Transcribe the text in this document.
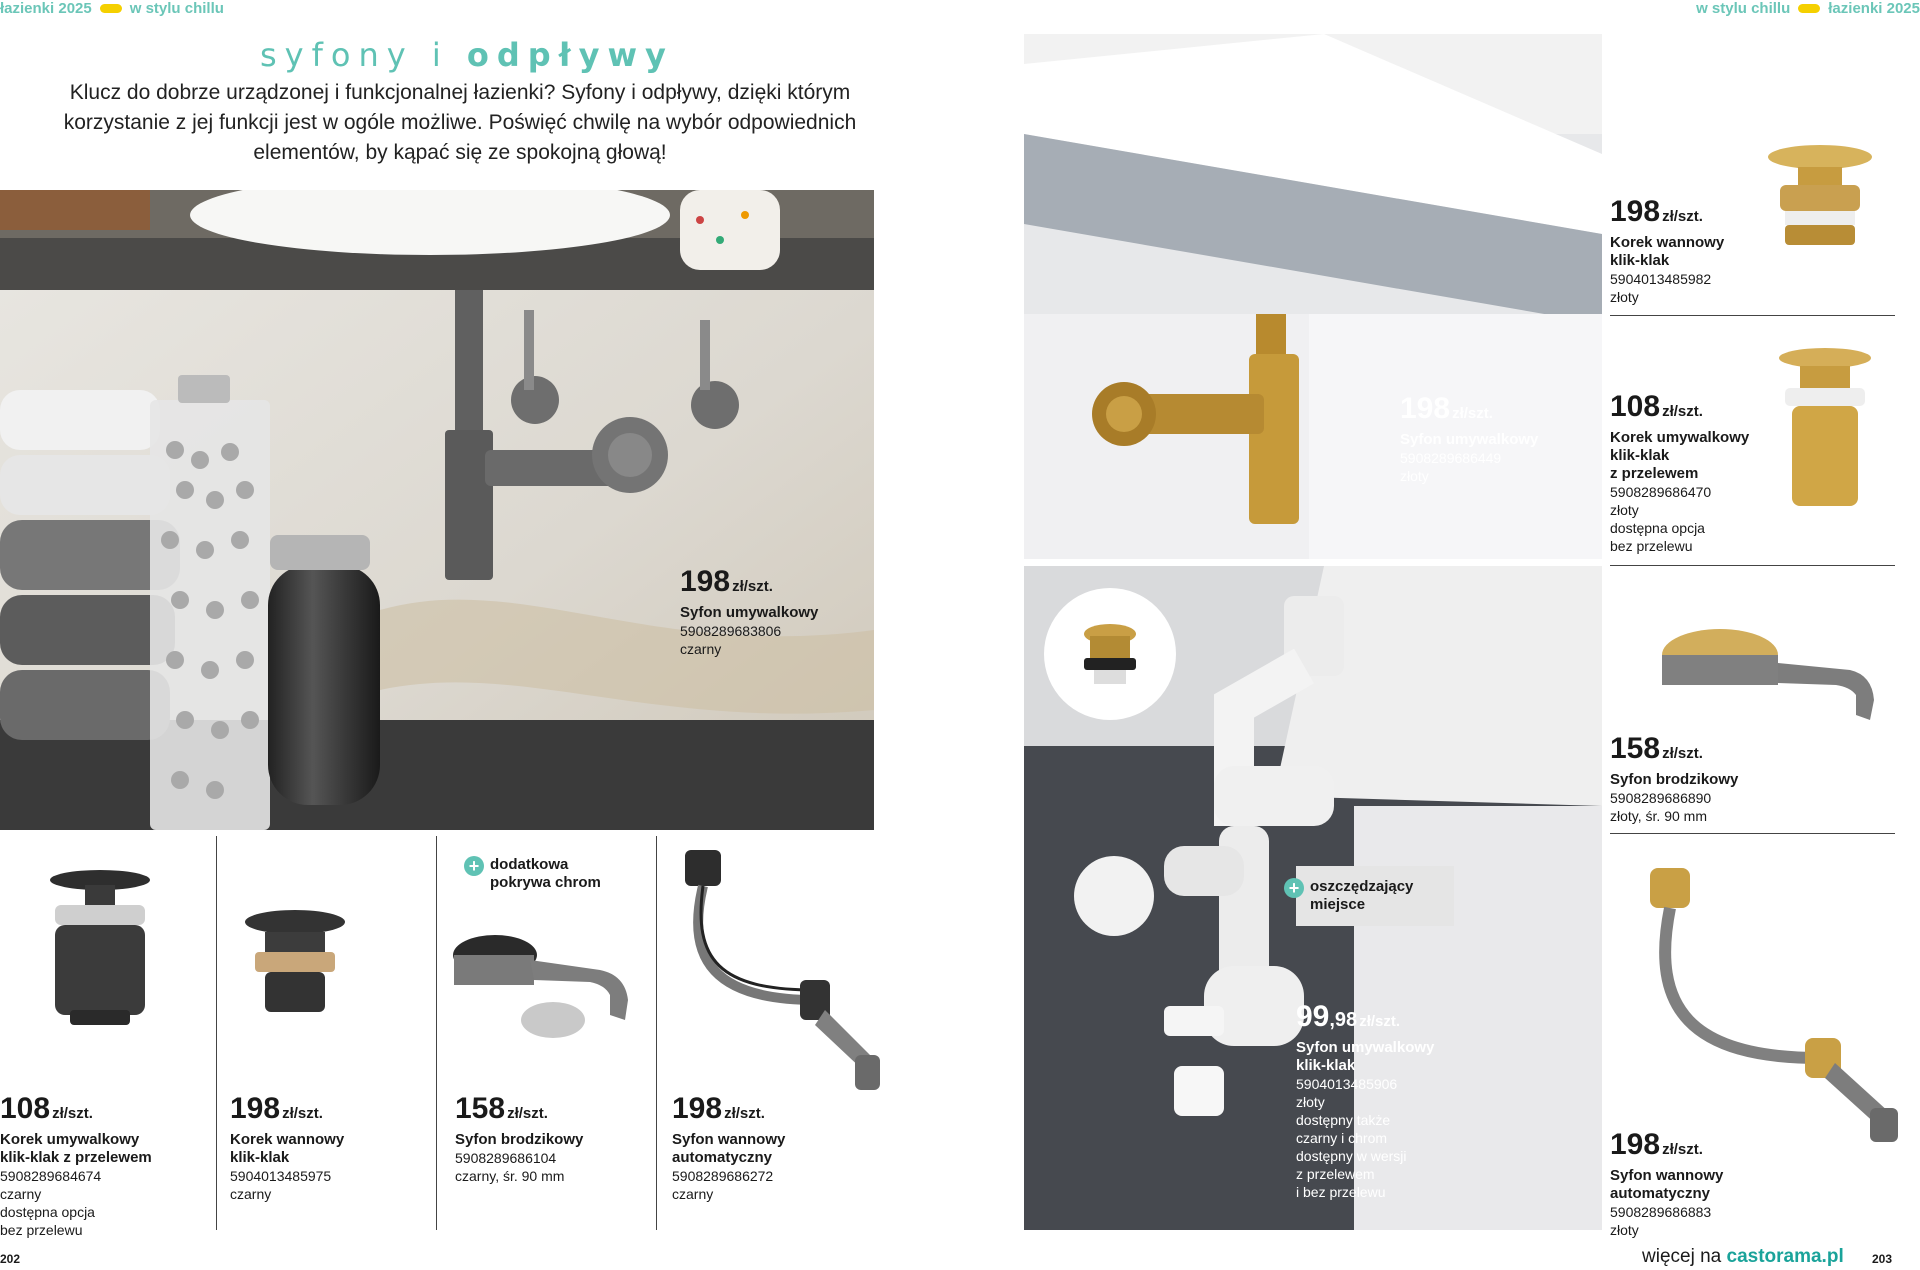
łazienki 2025	w stylu chillu	w stylu chillu	łazienki 2025
syfony i odpływy
Klucz do dobrze urządzonej i funkcjonalnej łazienki? Syfony i odpływy, dzięki którym korzystanie z jej funkcji jest w ogóle możliwe. Poświęć chwilę na wybór odpowiednich elementów, by kąpać się ze spokojną głową!
198 zł/szt.
Syfon umywalkowy
5908289683806
czarny
+ dodatkowa
pokrywa chrom
108 zł/szt.
Korek umywalkowy
klik-klak z przelewem
5908289684674
czarny
dostępna opcja
bez przelewu
198 zł/szt.
Korek wannowy
klik-klak
5904013485975
czarny
158 zł/szt.
Syfon brodzikowy
5908289686104
czarny, śr. 90 mm
198 zł/szt.
Syfon wannowy
automatyczny
5908289686272
czarny
198 zł/szt.
Syfon umywalkowy
5908289686449
złoty
+ oszczędzający
miejsce
99,98 zł/szt.
Syfon umywalkowy
klik-klak
5904013485906
złoty
dostępny także
czarny i chrom
dostępny w wersji
z przelewem
i bez przelewu
198 zł/szt.
Korek wannowy
klik-klak
5904013485982
złoty
108 zł/szt.
Korek umywalkowy
klik-klak
z przelewem
5908289686470
złoty
dostępna opcja
bez przelewu
158 zł/szt.
Syfon brodzikowy
5908289686890
złoty, śr. 90 mm
198 zł/szt.
Syfon wannowy
automatyczny
5908289686883
złoty
202	więcej na castorama.pl 203
